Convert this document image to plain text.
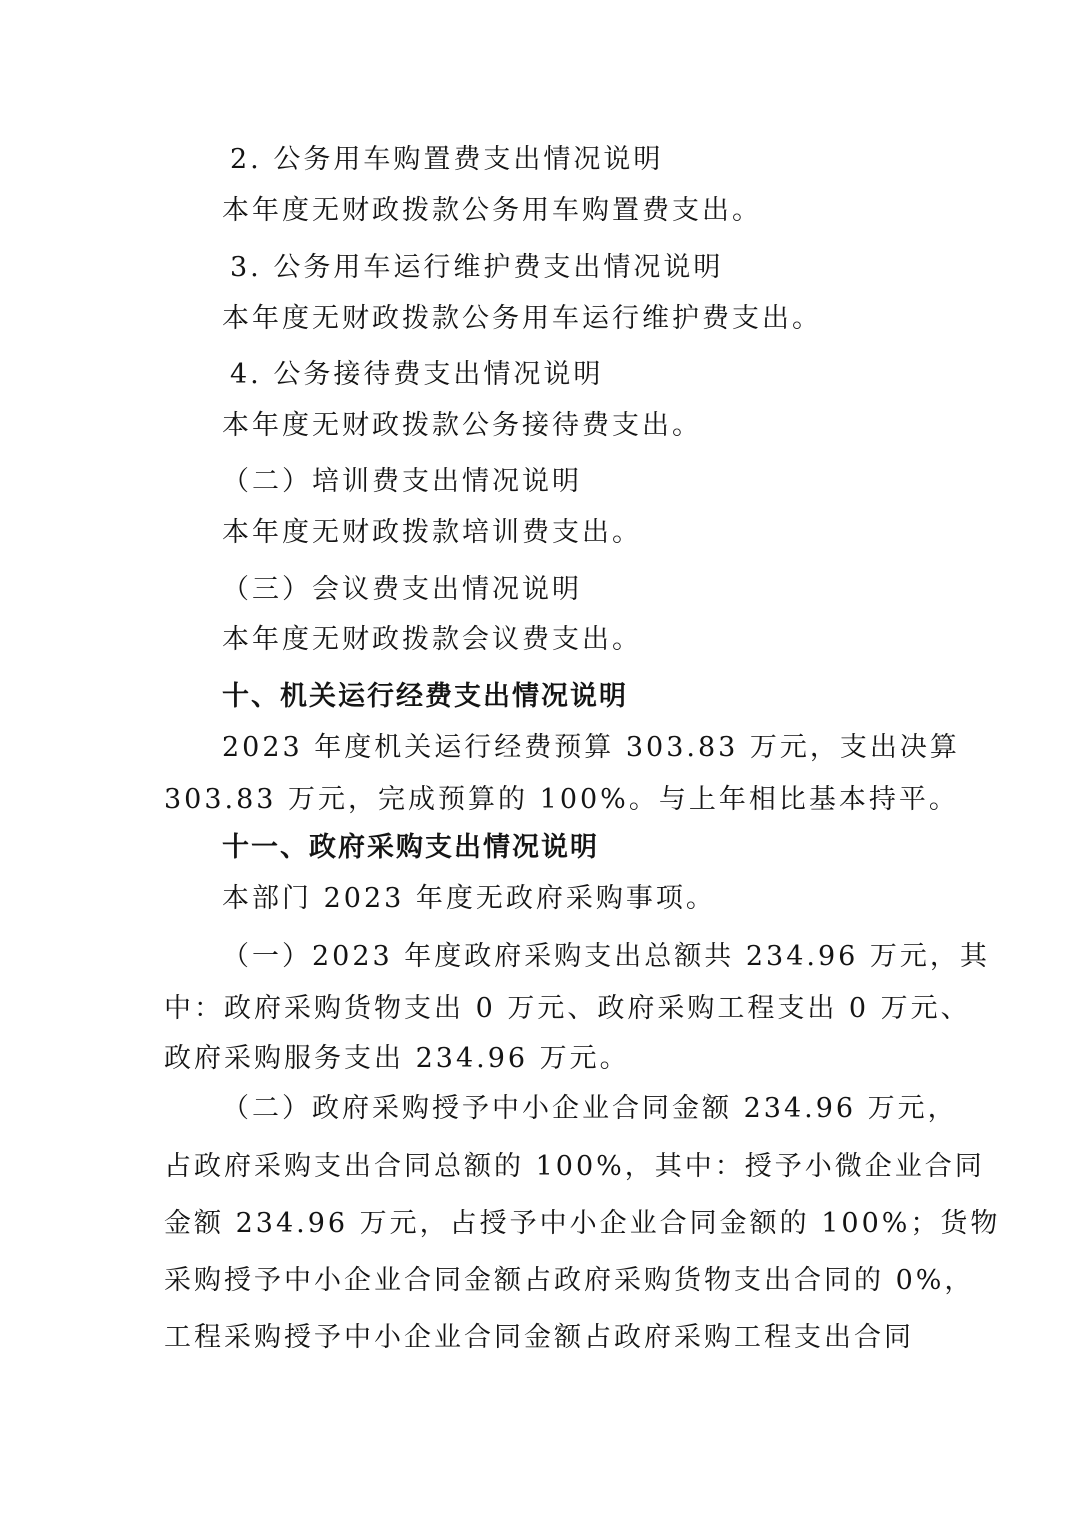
2. 公务用车购置费支出情况说明
本年度无财政拨款公务用车购置费支出。
3. 公务用车运行维护费支出情况说明
本年度无财政拨款公务用车运行维护费支出。
4. 公务接待费支出情况说明
本年度无财政拨款公务接待费支出。
（二）培训费支出情况说明
本年度无财政拨款培训费支出。
（三）会议费支出情况说明
本年度无财政拨款会议费支出。
十、机关运行经费支出情况说明
2023 年度机关运行经费预算 303.83 万元，支出决算
303.83 万元，完成预算的 100%。与上年相比基本持平。
十一、政府采购支出情况说明
本部门 2023 年度无政府采购事项。
（一）2023 年度政府采购支出总额共 234.96 万元，其
中：政府采购货物支出 0 万元、政府采购工程支出 0 万元、
政府采购服务支出 234.96 万元。
（二）政府采购授予中小企业合同金额 234.96 万元，
占政府采购支出合同总额的 100%，其中：授予小微企业合同
金额 234.96 万元，占授予中小企业合同金额的 100%；货物
采购授予中小企业合同金额占政府采购货物支出合同的 0%，
工程采购授予中小企业合同金额占政府采购工程支出合同
